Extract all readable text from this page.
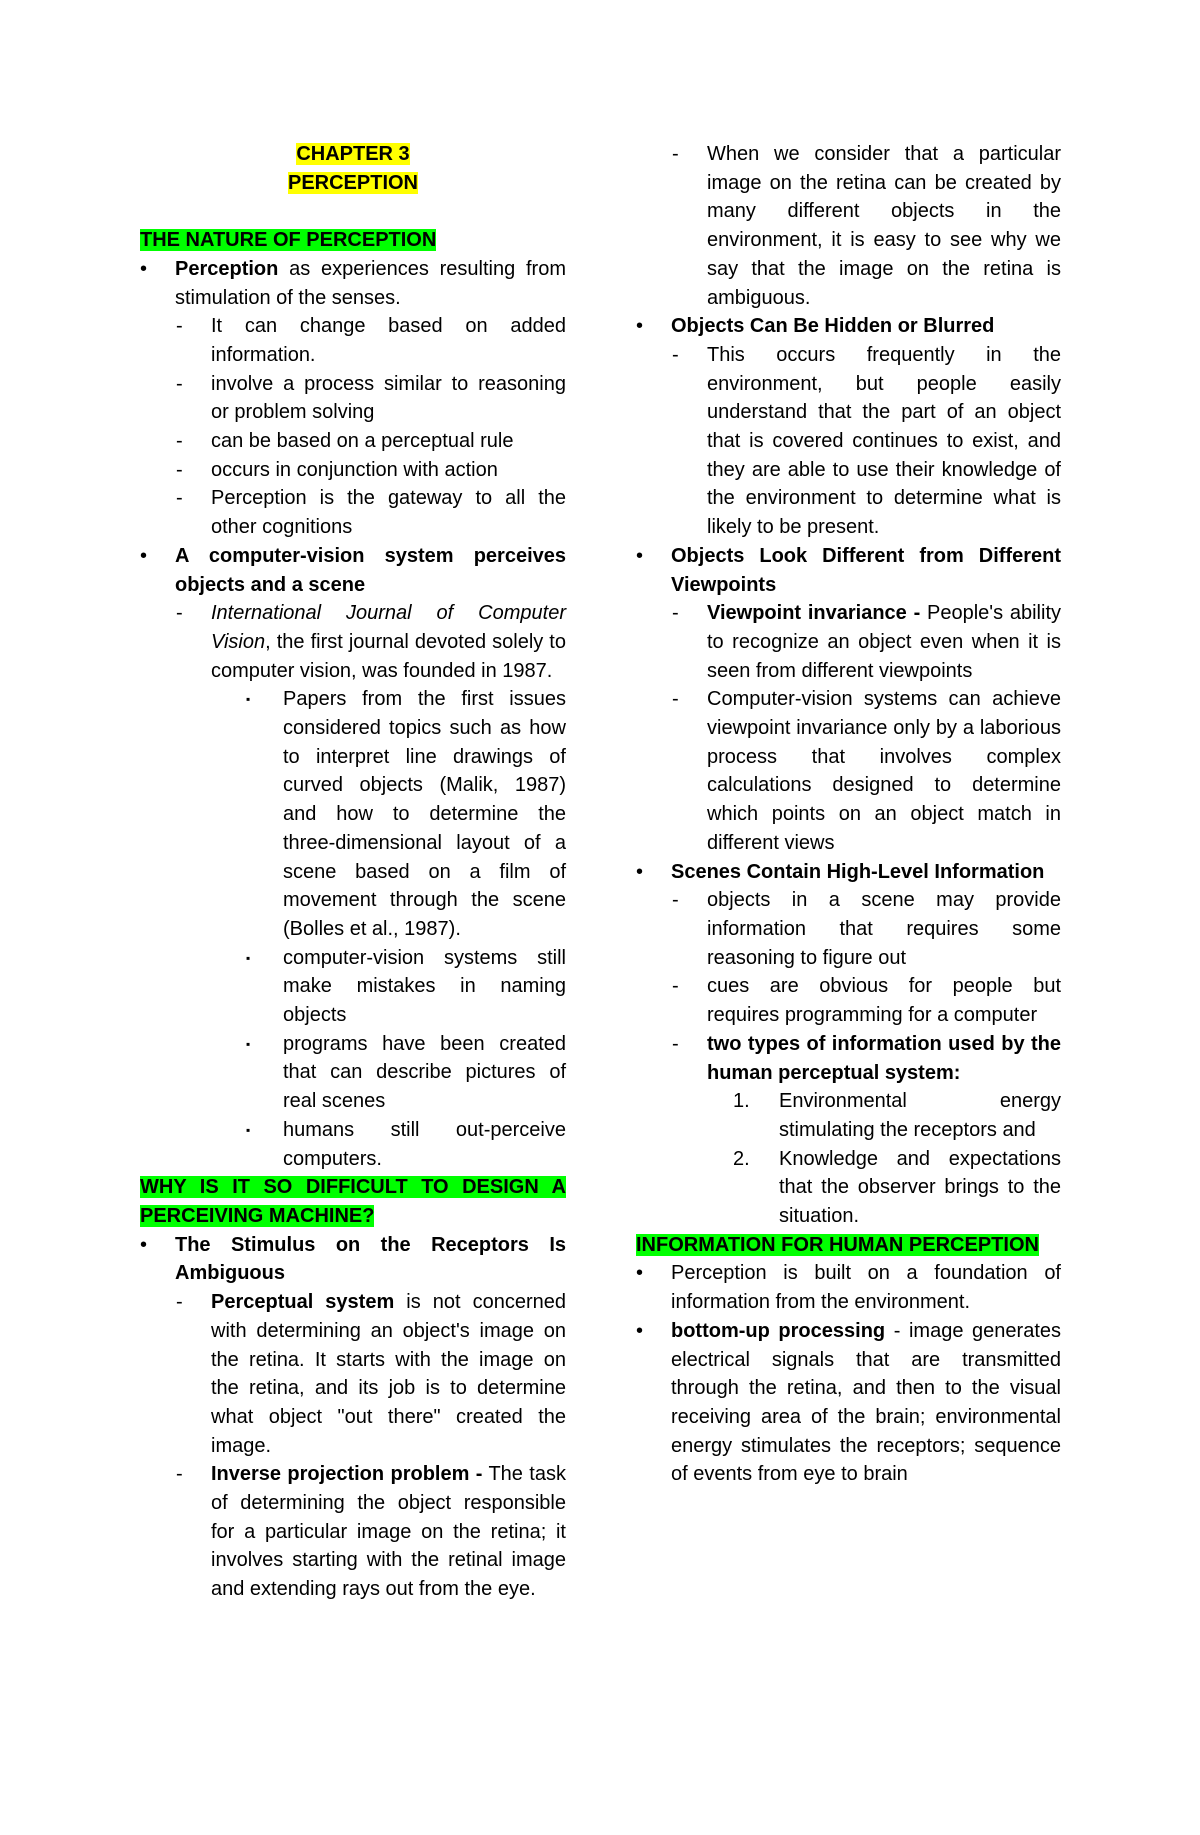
CHAPTER 3

PERCEPTION

THE NATURE OF PERCEPTION

• Perception as experiences resulting from stimulation of the senses.
- It can change based on added information.
- involve a process similar to reasoning or problem solving
- can be based on a perceptual rule
- occurs in conjunction with action
- Perception is the gateway to all the other cognitions
• A computer-vision system perceives objects and a scene
- International Journal of Computer Vision, the first journal devoted solely to computer vision, was founded in 1987.
▪ Papers from the first issues considered topics such as how to interpret line drawings of curved objects (Malik, 1987) and how to determine the three-dimensional layout of a scene based on a film of movement through the scene (Bolles et al., 1987).
▪ computer-vision systems still make mistakes in naming objects
▪ programs have been created that can describe pictures of real scenes
▪ humans still out-perceive computers.

WHY IS IT SO DIFFICULT TO DESIGN A PERCEIVING MACHINE?

• The Stimulus on the Receptors Is Ambiguous
- Perceptual system is not concerned with determining an object's image on the retina. It starts with the image on the retina, and its job is to determine what object "out there" created the image.
- Inverse projection problem - The task of determining the object responsible for a particular image on the retina; it involves starting with the retinal image and extending rays out from the eye.
- When we consider that a particular image on the retina can be created by many different objects in the environment, it is easy to see why we say that the image on the retina is ambiguous.
• Objects Can Be Hidden or Blurred
- This occurs frequently in the environment, but people easily understand that the part of an object that is covered continues to exist, and they are able to use their knowledge of the environment to determine what is likely to be present.
• Objects Look Different from Different Viewpoints
- Viewpoint invariance - People's ability to recognize an object even when it is seen from different viewpoints
- Computer-vision systems can achieve viewpoint invariance only by a laborious process that involves complex calculations designed to determine which points on an object match in different views
• Scenes Contain High-Level Information
- objects in a scene may provide information that requires some reasoning to figure out
- cues are obvious for people but requires programming for a computer
- two types of information used by the human perceptual system:
1. Environmental energy stimulating the receptors and
2. Knowledge and expectations that the observer brings to the situation.

INFORMATION FOR HUMAN PERCEPTION

• Perception is built on a foundation of information from the environment.
• bottom-up processing - image generates electrical signals that are transmitted through the retina, and then to the visual receiving area of the brain; environmental energy stimulates the receptors; sequence of events from eye to brain
